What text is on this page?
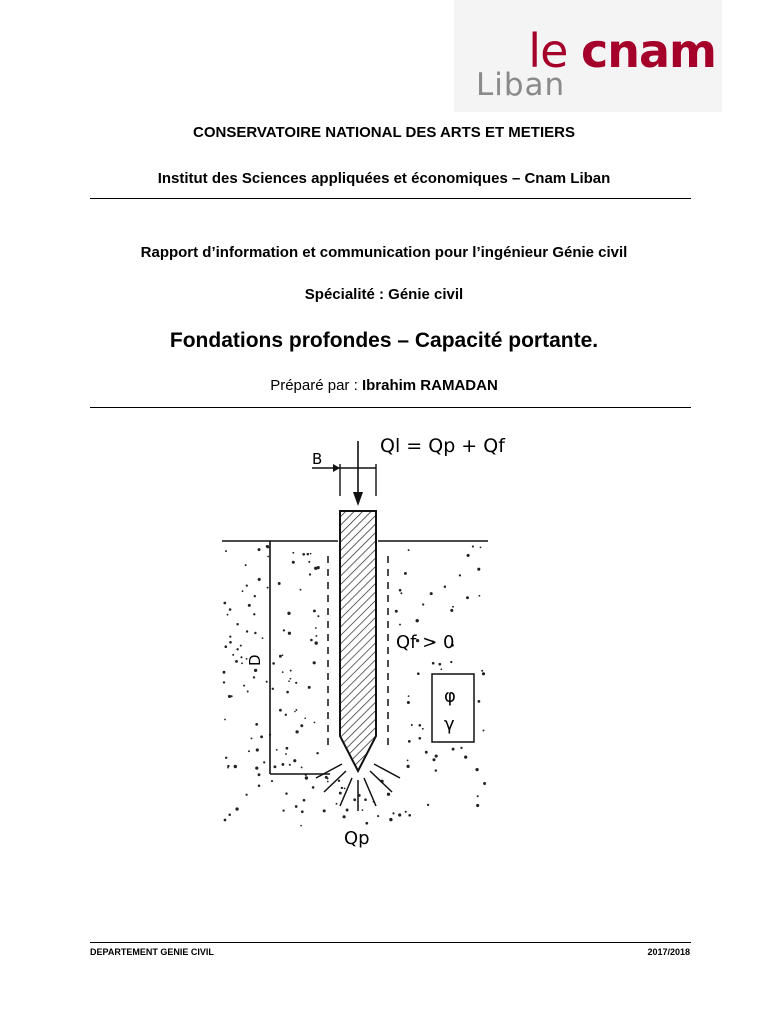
le cnam
Liban
CONSERVATOIRE NATIONAL DES ARTS ET METIERS
Institut des Sciences appliquées et économiques – Cnam Liban
Rapport d’information et communication pour l’ingénieur Génie civil
Spécialité : Génie civil
Fondations profondes – Capacité portante.
Préparé par : Ibrahim RAMADAN
B
Ql = Qp + Qf
D
Qf > 0
φ
γ
Qp
DEPARTEMENT GENIE CIVIL	2017/2018
